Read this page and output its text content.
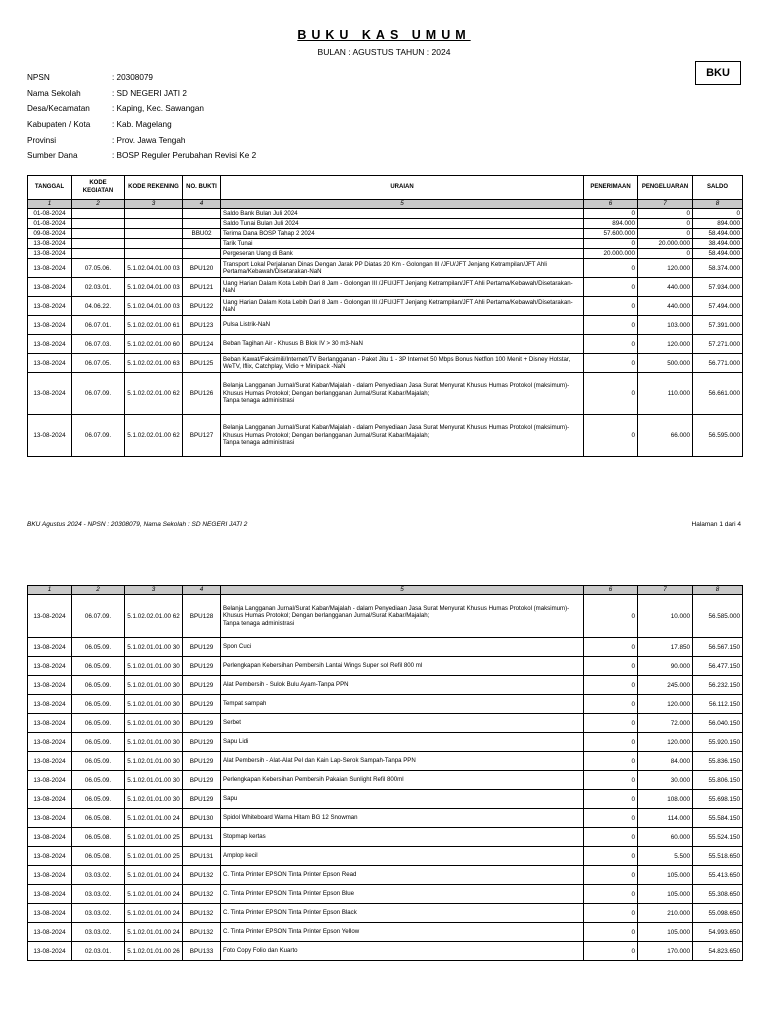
BUKU KAS UMUM
BULAN : AGUSTUS TAHUN : 2024
BKU
NPSN	: 20308079
Nama Sekolah	: SD NEGERI JATI 2
Desa/Kecamatan	: Kaping, Kec. Sawangan
Kabupaten / Kota	: Kab. Magelang
Provinsi	: Prov. Jawa Tengah
Sumber Dana	: BOSP Reguler Perubahan Revisi Ke 2
TANGGAL	KODE KEGIATAN	KODE REKENING	NO. BUKTI	URAIAN	PENERIMAAN	PENGELUARAN	SALDO
1	2	3	4	5	6	7	8
01-08-2024				Saldo Bank Bulan Juli 2024	0	0	0
01-08-2024				Saldo Tunai Bulan Juli 2024	894.000	0	894.000
09-08-2024			BBU02	Terima Dana BOSP Tahap 2 2024	57.600.000	0	58.494.000
13-08-2024				Tarik Tunai	0	20.000.000	38.494.000
13-08-2024				Pergeseran Uang di Bank	20.000.000	0	58.494.000
13-08-2024	07.05.06.	5.1.02.04.01.00 03	BPU120	Transport Lokal Perjalanan Dinas Dengan Jarak PP Diatas 20 Km - Golongan III /JFU/JFT Jenjang Ketrampilan/JFT Ahli Pertama/Kebawah/Disetarakan-NaN	0	120.000	58.374.000
13-08-2024	02.03.01.	5.1.02.04.01.00 03	BPU121	Uang Harian Dalam Kota Lebih Dari 8 Jam - Golongan III /JFU/JFT Jenjang Ketrampilan/JFT Ahli Pertama/Kebawah/Disetarakan-NaN	0	440.000	57.934.000
13-08-2024	04.06.22.	5.1.02.04.01.00 03	BPU122	Uang Harian Dalam Kota Lebih Dari 8 Jam - Golongan III /JFU/JFT Jenjang Ketrampilan/JFT Ahli Pertama/Kebawah/Disetarakan-NaN	0	440.000	57.494.000
13-08-2024	06.07.01.	5.1.02.02.01.00 61	BPU123	Pulsa Listrik-NaN	0	103.000	57.391.000
13-08-2024	06.07.03.	5.1.02.02.01.00 60	BPU124	Beban Tagihan Air - Khusus B Blok IV > 30 m3-NaN	0	120.000	57.271.000
13-08-2024	06.07.05.	5.1.02.02.01.00 63	BPU125	Beban Kawat/Faksimili/Internet/TV Berlangganan - Paket Jitu 1 - 3P Internet 50 Mbps Bonus Netflon 100 Menit + Disney Hotstar, WeTV, Iflix, Catchplay, Vidio + Minipack -NaN	0	500.000	56.771.000
13-08-2024	06.07.09.	5.1.02.02.01.00 62	BPU126	Belanja Langganan Jurnal/Surat Kabar/Majalah - dalam Penyediaan Jasa Surat Menyurat Khusus Humas Protokol (maksimum)-Khusus Humas Protokol; Dengan berlangganan Jurnal/Surat Kabar/Majalah;
Tanpa tenaga administrasi	0	110.000	56.661.000
13-08-2024	06.07.09.	5.1.02.02.01.00 62	BPU127	Belanja Langganan Jurnal/Surat Kabar/Majalah - dalam Penyediaan Jasa Surat Menyurat Khusus Humas Protokol (maksimum)-Khusus Humas Protokol; Dengan berlangganan Jurnal/Surat Kabar/Majalah;
Tanpa tenaga administrasi	0	66.000	56.595.000
BKU Agustus 2024 - NPSN : 20308079, Nama Sekolah : SD NEGERI JATI 2	Halaman 1 dari 4
1	2	3	4	5	6	7	8
13-08-2024	06.07.09.	5.1.02.02.01.00 62	BPU128	Belanja Langganan Jurnal/Surat Kabar/Majalah - dalam Penyediaan Jasa Surat Menyurat Khusus Humas Protokol (maksimum)-Khusus Humas Protokol; Dengan berlangganan Jurnal/Surat Kabar/Majalah;
Tanpa tenaga administrasi	0	10.000	56.585.000
13-08-2024	06.05.09.	5.1.02.01.01.00 30	BPU129	Spon Cuci	0	17.850	56.567.150
13-08-2024	06.05.09.	5.1.02.01.01.00 30	BPU129	Perlengkapan Kebersihan Pembersih Lantai Wings Super sol Refil 800 ml	0	90.000	56.477.150
13-08-2024	06.05.09.	5.1.02.01.01.00 30	BPU129	Alat Pembersih - Sulok Bulu Ayam-Tanpa PPN	0	245.000	56.232.150
13-08-2024	06.05.09.	5.1.02.01.01.00 30	BPU129	Tempat sampah	0	120.000	56.112.150
13-08-2024	06.05.09.	5.1.02.01.01.00 30	BPU129	Serbet	0	72.000	56.040.150
13-08-2024	06.05.09.	5.1.02.01.01.00 30	BPU129	Sapu Lidi	0	120.000	55.920.150
13-08-2024	06.05.09.	5.1.02.01.01.00 30	BPU129	Alat Pembersih - Alat-Alat Pel dan Kain Lap-Serok Sampah-Tanpa PPN	0	84.000	55.836.150
13-08-2024	06.05.09.	5.1.02.01.01.00 30	BPU129	Perlengkapan Kebersihan Pembersih Pakaian Sunlight Refil 800ml	0	30.000	55.806.150
13-08-2024	06.05.09.	5.1.02.01.01.00 30	BPU129	Sapu	0	108.000	55.698.150
13-08-2024	06.05.08.	5.1.02.01.01.00 24	BPU130	Spidol Whiteboard Warna Hitam BG 12 Snowman	0	114.000	55.584.150
13-08-2024	06.05.08.	5.1.02.01.01.00 25	BPU131	Stopmap kertas	0	60.000	55.524.150
13-08-2024	06.05.08.	5.1.02.01.01.00 25	BPU131	Amplop kecil	0	5.500	55.518.650
13-08-2024	03.03.02.	5.1.02.01.01.00 24	BPU132	C. Tinta Printer EPSON Tinta Printer Epson Read	0	105.000	55.413.650
13-08-2024	03.03.02.	5.1.02.01.01.00 24	BPU132	C. Tinta Printer EPSON Tinta Printer Epson Blue	0	105.000	55.308.650
13-08-2024	03.03.02.	5.1.02.01.01.00 24	BPU132	C. Tinta Printer EPSON Tinta Printer Epson Black	0	210.000	55.098.650
13-08-2024	03.03.02.	5.1.02.01.01.00 24	BPU132	C. Tinta Printer EPSON Tinta Printer Epson Yellow	0	105.000	54.993.650
13-08-2024	02.03.01.	5.1.02.01.01.00 26	BPU133	Foto Copy Folio dan Kuarto	0	170.000	54.823.650
